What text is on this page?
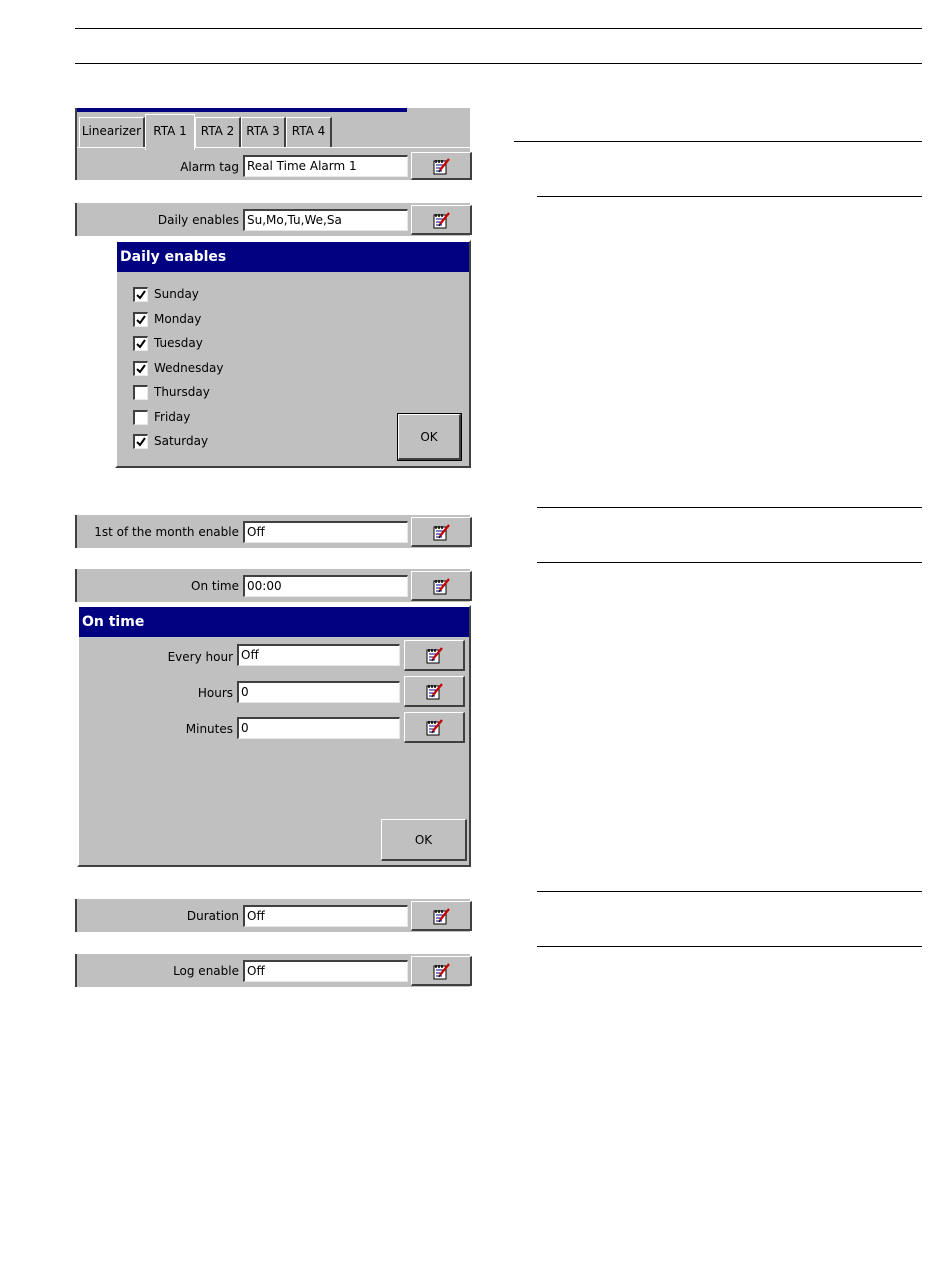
Linearizer	RTA 1	RTA 2 RTA 3 RTA 4
Alarm tag Real Time Alarm 1
Daily enables Su,Mo,Tu,We,Sa
Daily enables
Sunday
Monday
Tuesday
Wednesday
Thursday
Friday
Saturday	OK
1st of the month enable Off
On time 00:00
On time
Every hour Off
Hours 0
Minutes 0
OK
Duration Off
Log enable Off
